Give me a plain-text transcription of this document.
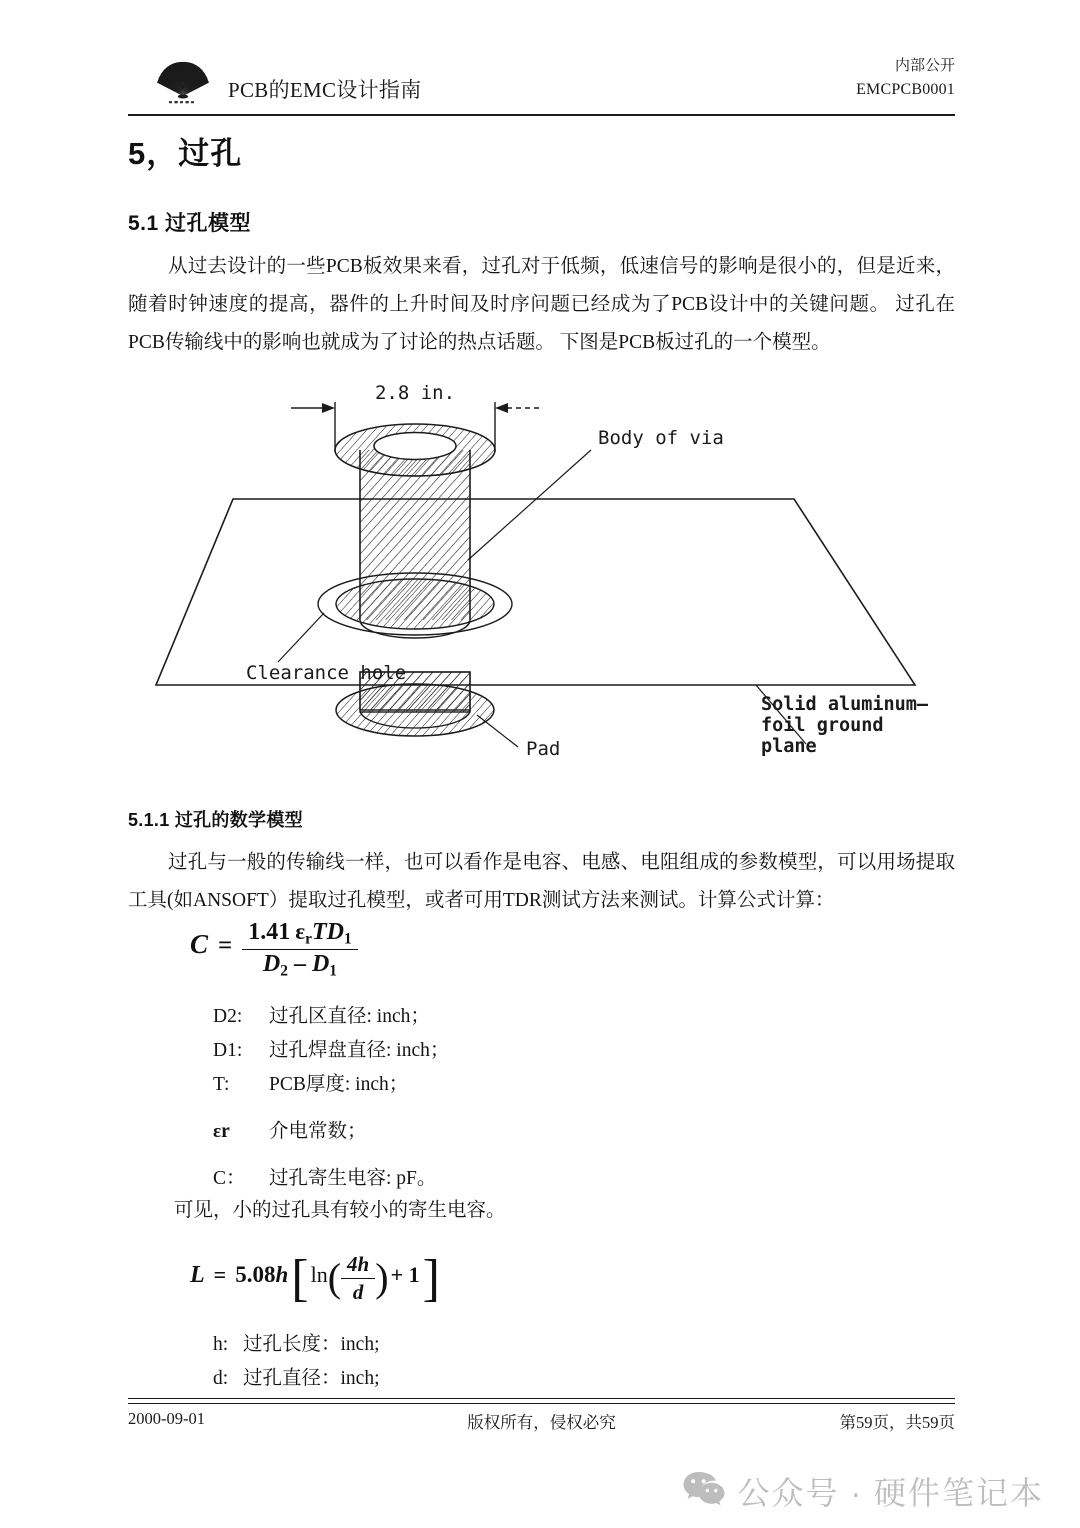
PCB的EMC设计指南
内部公开
EMCPCB0001
5，过孔
5.1 过孔模型
从过去设计的一些PCB板效果来看，过孔对于低频，低速信号的影响是很小的，但是近来，随着时钟速度的提高，器件的上升时间及时序问题已经成为了PCB设计中的关键问题。 过孔在PCB传输线中的影响也就成为了讨论的热点话题。 下图是PCB板过孔的一个模型。
2.8 in.
Body of via
Clearance hole
Pad
Solid aluminum–
foil ground
plane
5.1.1 过孔的数学模型
过孔与一般的传输线一样，也可以看作是电容、电感、电阻组成的参数模型，可以用场提取工具(如ANSOFT）提取过孔模型，或者可用TDR测试方法来测试。计算公式计算：
$C = \frac{1.41 \varepsilon_rTD_1}{D_2 - D_1}$
D2: 过孔区直径: inch；
D1: 过孔焊盘直径: inch；
T: PCB厚度: inch；
εr 介电常数；
C： 过孔寄生电容: pF。
可见，小的过孔具有较小的寄生电容。
$L = 5.08h[\ln( \frac{4h}{d}$ )+ 1]
h: 过孔长度：inch;
d: 过孔直径：inch;
2000-09-01	版权所有，侵权必究	第59页，共59页
公众号 · 硬件笔记本
